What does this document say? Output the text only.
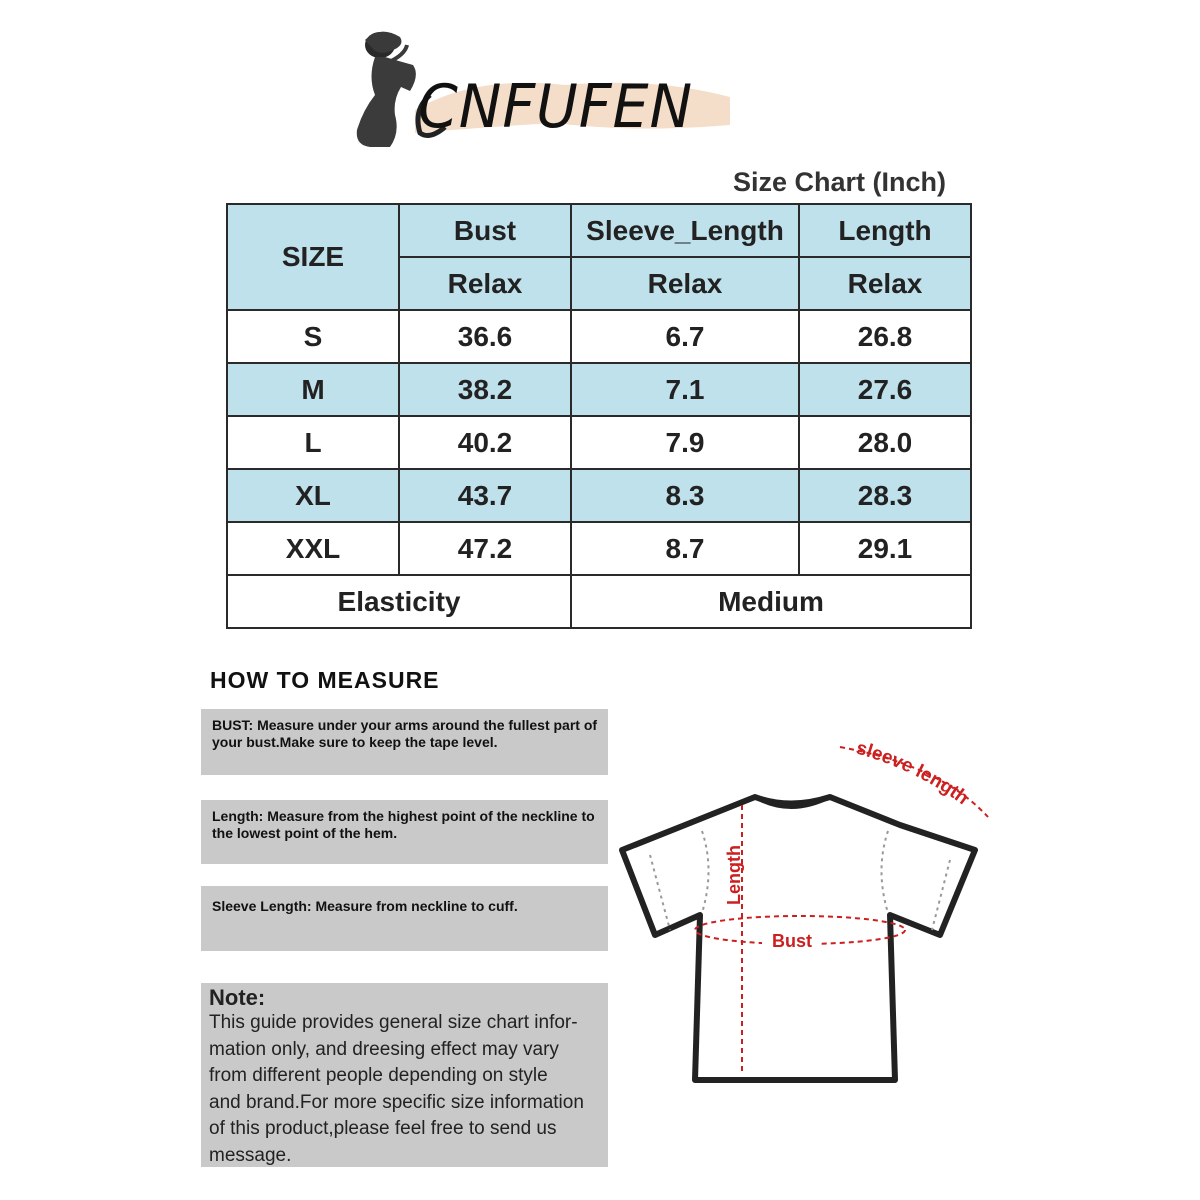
CNFUFEN
Size Chart (Inch)
SIZE	Bust	Sleeve_Length	Length
	Relax	Relax	Relax
S	36.6	6.7	26.8
M	38.2	7.1	27.6
L	40.2	7.9	28.0
XL	43.7	8.3	28.3
XXL	47.2	8.7	29.1
Elasticity		Medium	
HOW TO MEASURE
BUST: Measure under your arms around the fullest part of your bust.Make sure to keep the tape level.
Length: Measure from the highest point of the neckline to the lowest point of the hem.
Sleeve Length: Measure from neckline to cuff.
Note:
This guide provides general size chart infor-
mation only, and dreesing effect may vary
from different people depending on style
and brand.For more specific size information
of this product,please feel free to send us
message.
sleeve length
Length
Bust
